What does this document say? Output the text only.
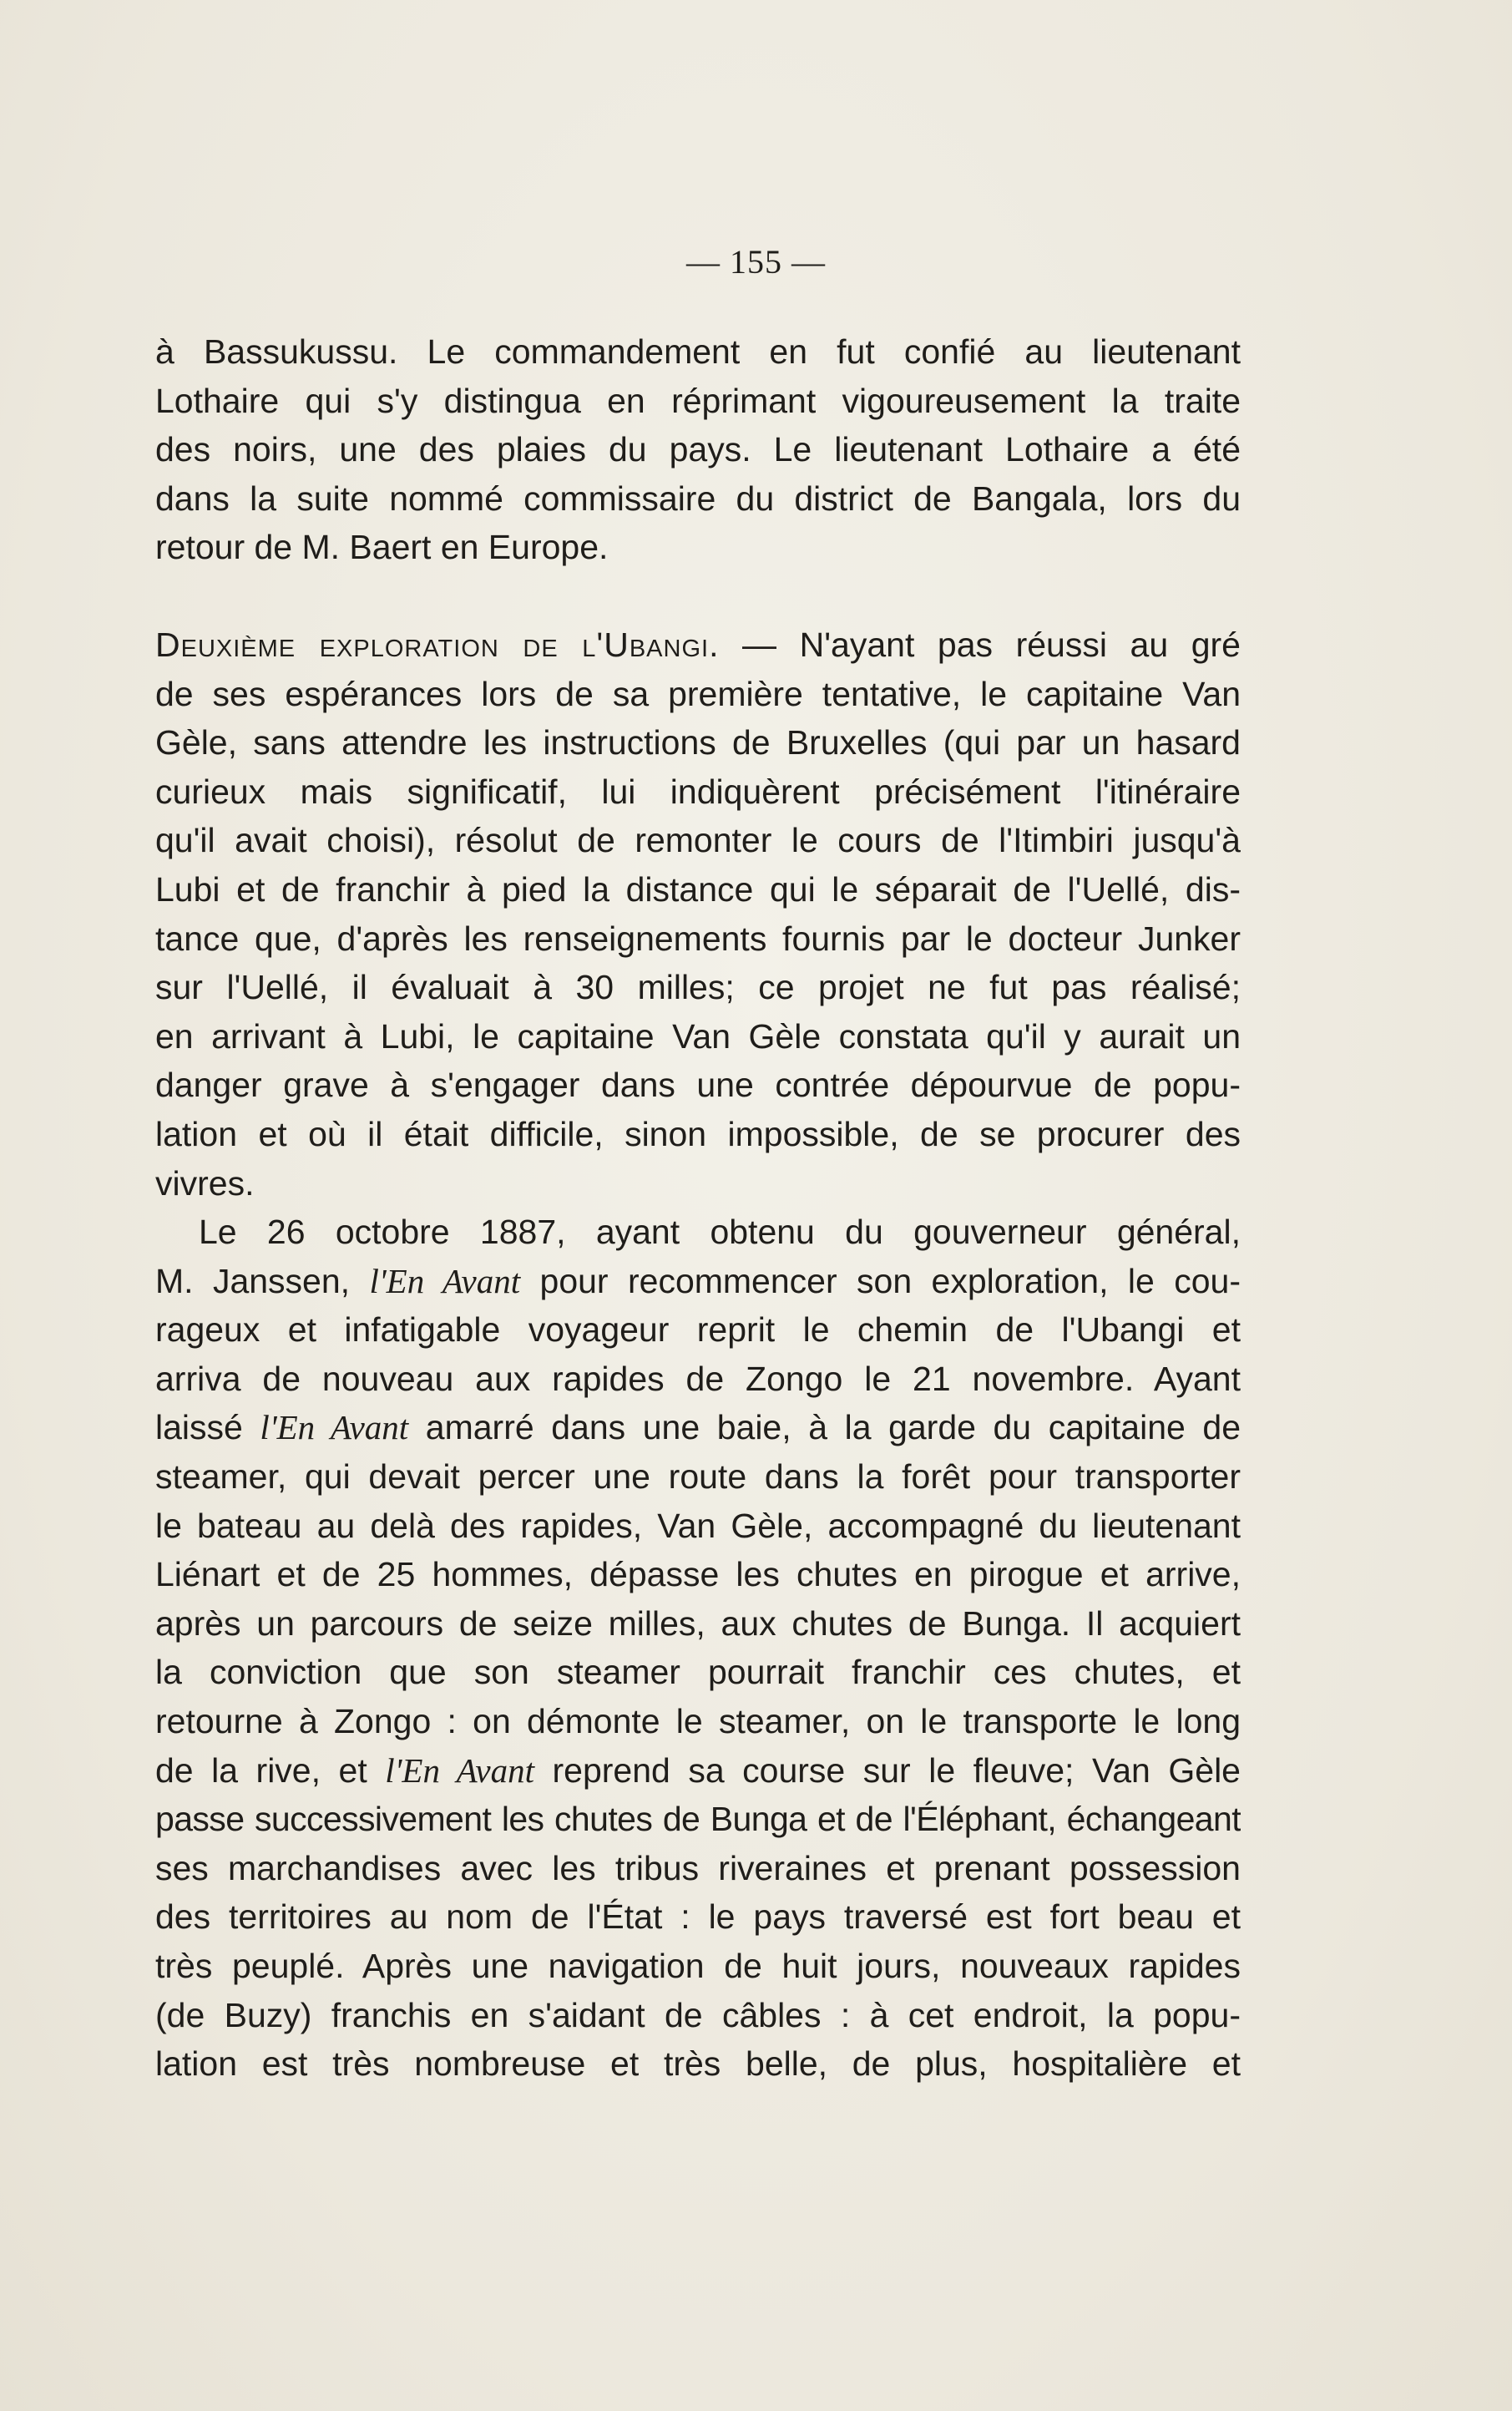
— 155 —
à Bassukussu. Le commandement en fut confié au lieutenant
Lothaire qui s'y distingua en réprimant vigoureusement la traite
des noirs, une des plaies du pays. Le lieutenant Lothaire a été
dans la suite nommé commissaire du district de Bangala, lors du
retour de M. Baert en Europe.
Deuxième exploration de l'Ubangi. — N'ayant pas réussi au gré
de ses espérances lors de sa première tentative, le capitaine Van
Gèle, sans attendre les instructions de Bruxelles (qui par un hasard
curieux mais significatif, lui indiquèrent précisément l'itinéraire
qu'il avait choisi), résolut de remonter le cours de l'Itimbiri jusqu'à
Lubi et de franchir à pied la distance qui le séparait de l'Uellé, dis-
tance que, d'après les renseignements fournis par le docteur Junker
sur l'Uellé, il évaluait à 30 milles; ce projet ne fut pas réalisé;
en arrivant à Lubi, le capitaine Van Gèle constata qu'il y aurait un
danger grave à s'engager dans une contrée dépourvue de popu-
lation et où il était difficile, sinon impossible, de se procurer des
vivres.
Le 26 octobre 1887, ayant obtenu du gouverneur général,
M. Janssen, l'En Avant pour recommencer son exploration, le cou-
rageux et infatigable voyageur reprit le chemin de l'Ubangi et
arriva de nouveau aux rapides de Zongo le 21 novembre. Ayant
laissé l'En Avant amarré dans une baie, à la garde du capitaine de
steamer, qui devait percer une route dans la forêt pour transporter
le bateau au delà des rapides, Van Gèle, accompagné du lieutenant
Liénart et de 25 hommes, dépasse les chutes en pirogue et arrive,
après un parcours de seize milles, aux chutes de Bunga. Il acquiert
la conviction que son steamer pourrait franchir ces chutes, et
retourne à Zongo : on démonte le steamer, on le transporte le long
de la rive, et l'En Avant reprend sa course sur le fleuve; Van Gèle
passe successivement les chutes de Bunga et de l'Éléphant, échangeant
ses marchandises avec les tribus riveraines et prenant possession
des territoires au nom de l'État : le pays traversé est fort beau et
très peuplé. Après une navigation de huit jours, nouveaux rapides
(de Buzy) franchis en s'aidant de câbles : à cet endroit, la popu-
lation est très nombreuse et très belle, de plus, hospitalière et
